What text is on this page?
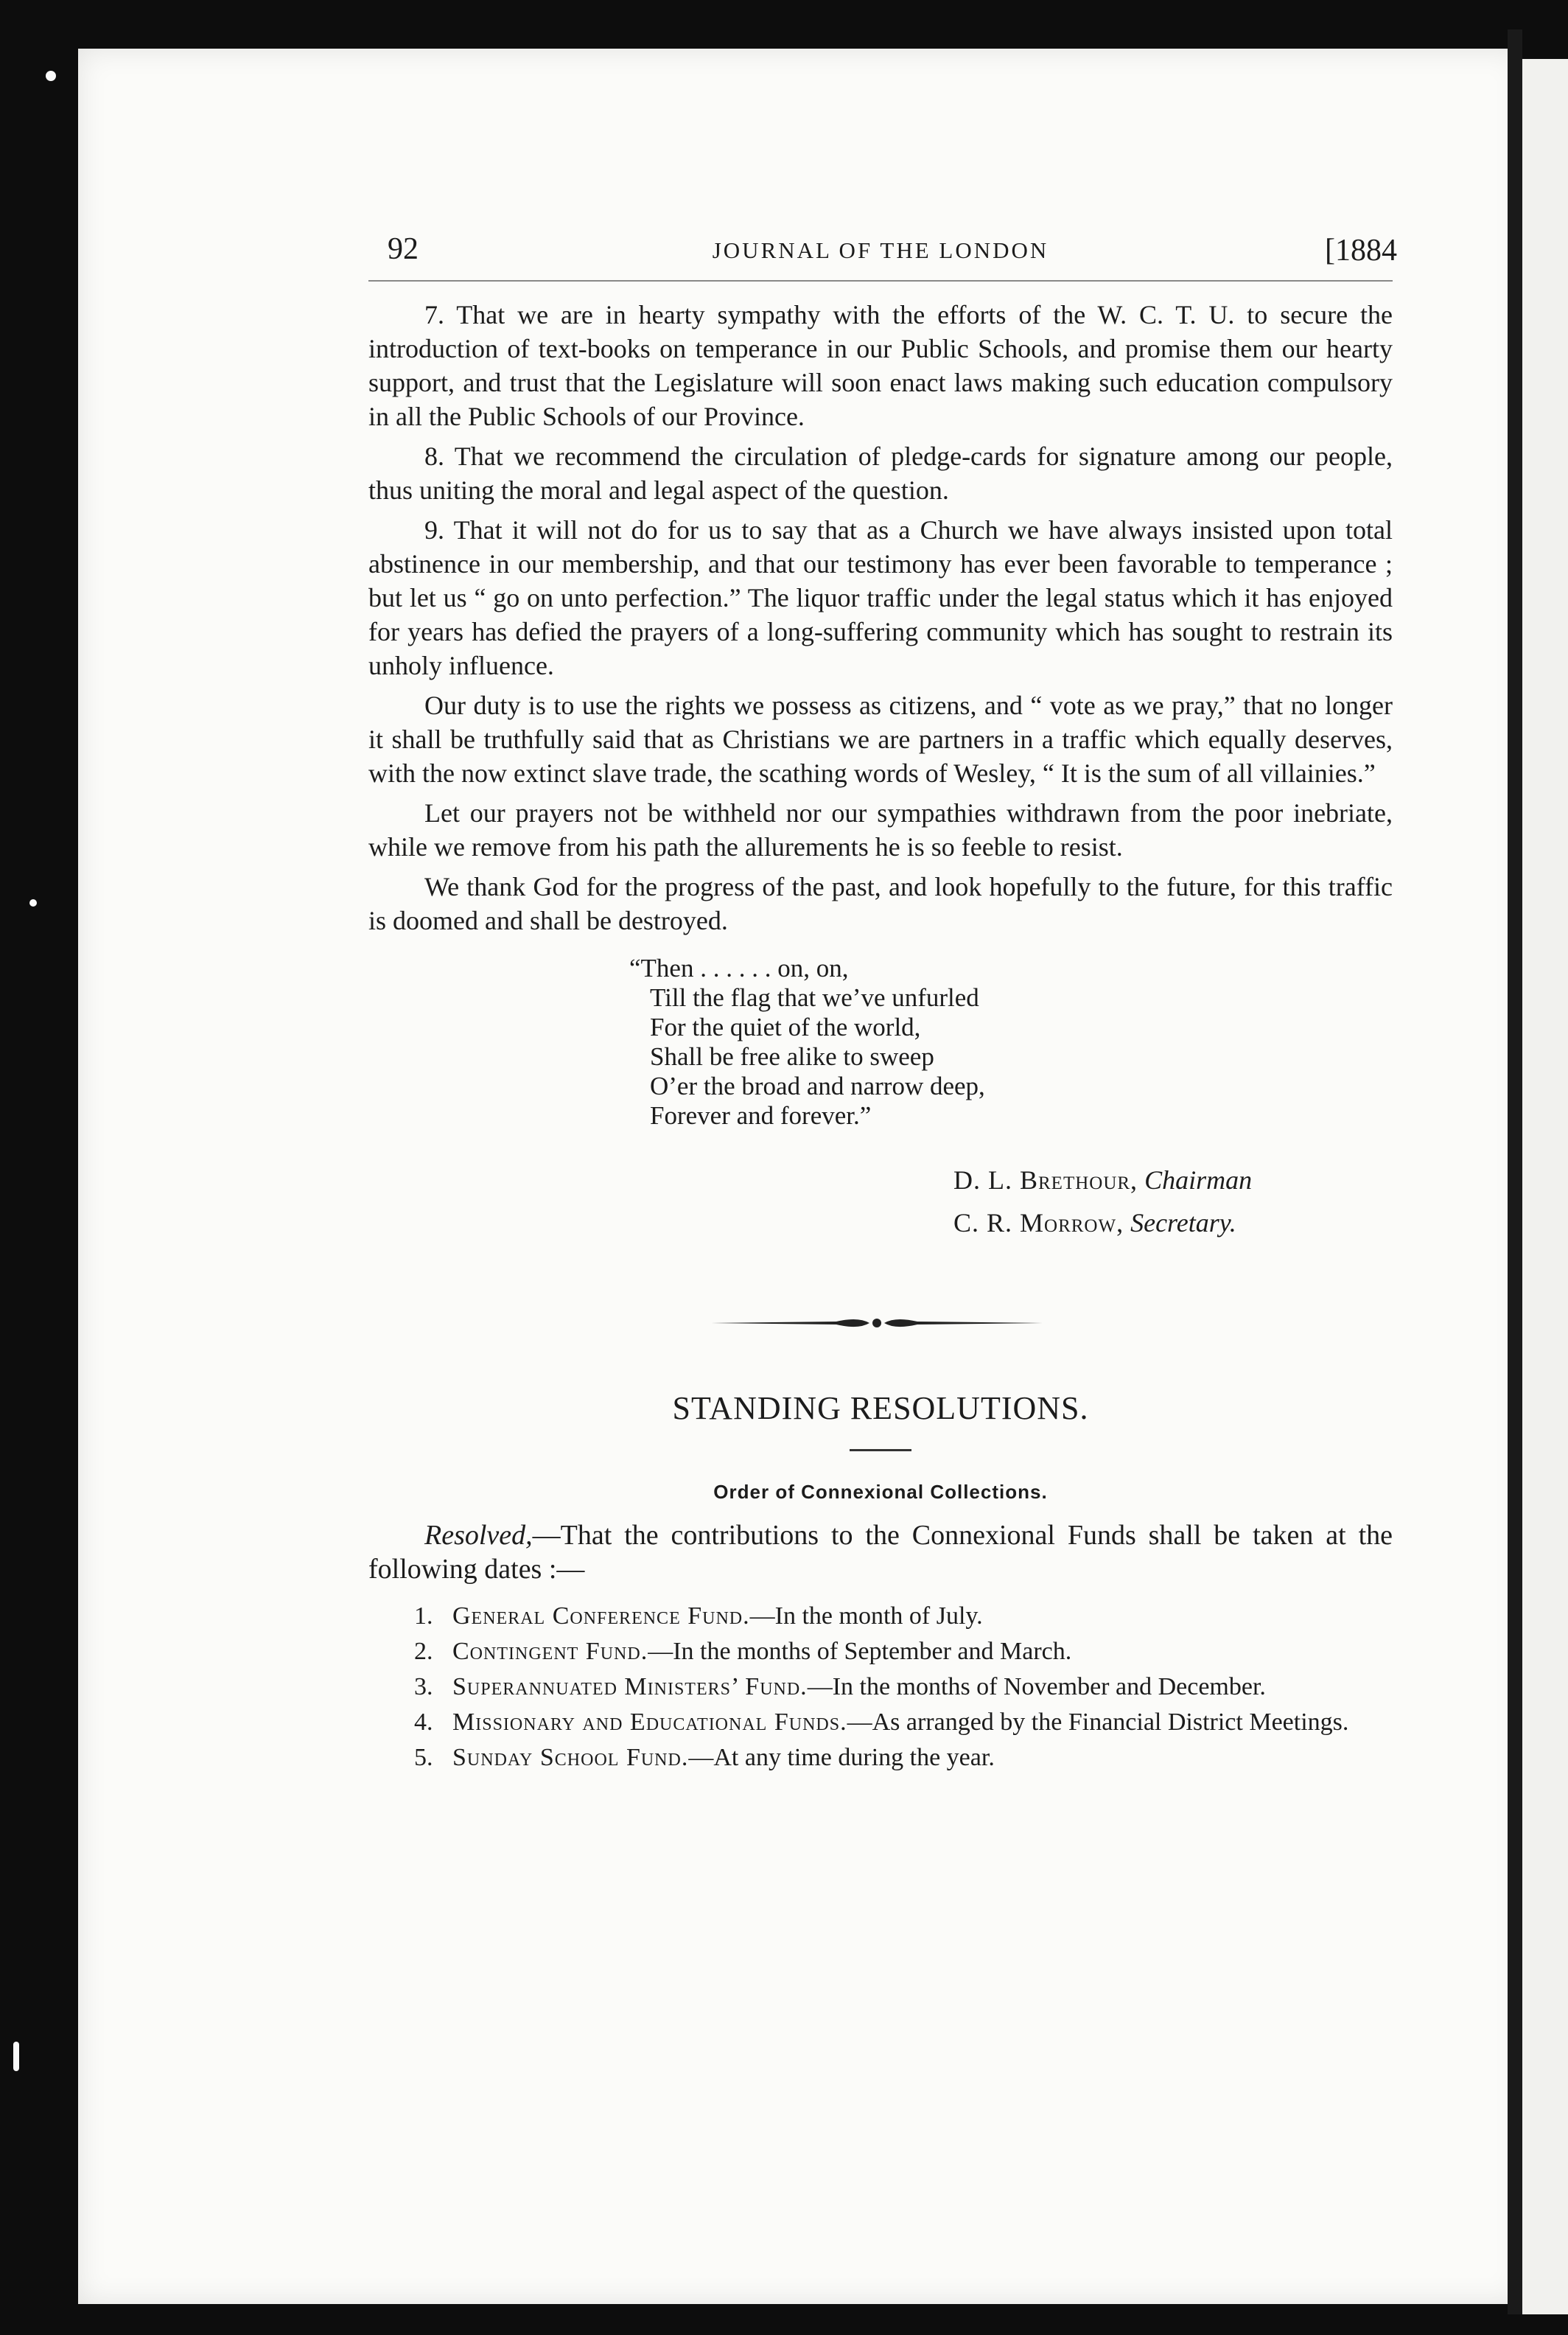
92	JOURNAL OF THE LONDON	[1884

7. That we are in hearty sympathy with the efforts of the W. C. T. U. to secure the introduction of text-books on temperance in our Public Schools, and promise them our hearty support, and trust that the Legislature will soon enact laws making such education compulsory in all the Public Schools of our Province.

8. That we recommend the circulation of pledge-cards for signature among our people, thus uniting the moral and legal aspect of the question.

9. That it will not do for us to say that as a Church we have always insisted upon total abstinence in our membership, and that our testimony has ever been favorable to temperance ; but let us “ go on unto perfection.” The liquor traffic under the legal status which it has enjoyed for years has defied the prayers of a long-suffering community which has sought to restrain its unholy influence.

Our duty is to use the rights we possess as citizens, and “ vote as we pray,” that no longer it shall be truthfully said that as Christians we are partners in a traffic which equally deserves, with the now extinct slave trade, the scathing words of Wesley, “ It is the sum of all villainies.”

Let our prayers not be withheld nor our sympathies withdrawn from the poor inebriate, while we remove from his path the allurements he is so feeble to resist.

We thank God for the progress of the past, and look hopefully to the future, for this traffic is doomed and shall be destroyed.

“Then . . . . . . on, on,
Till the flag that we’ve unfurled
For the quiet of the world,
Shall be free alike to sweep
O’er the broad and narrow deep,
Forever and forever.”
D. L. Brethour, Chairman
C. R. Morrow, Secretary.
STANDING RESOLUTIONS.
Order of Connexional Collections.

Resolved,—That the contributions to the Connexional Funds shall be taken at the following dates :—

1. General Conference Fund.—In the month of July.
2. Contingent Fund.—In the months of September and March.
3. Superannuated Ministers’ Fund.—In the months of November and December.
4. Missionary and Educational Funds.—As arranged by the Financial District Meetings.
5. Sunday School Fund.—At any time during the year.
